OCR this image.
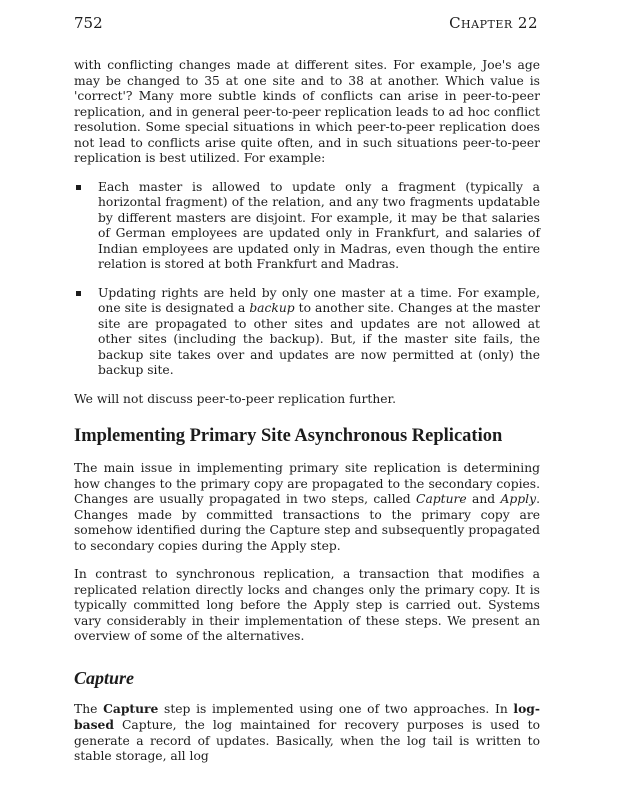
752	Chapter 22

with conflicting changes made at different sites. For example, Joe's age may be changed to 35 at one site and to 38 at another. Which value is 'correct'? Many more subtle kinds of conflicts can arise in peer-to-peer replication, and in general peer-to-peer replication leads to ad hoc conflict resolution. Some special situations in which peer-to-peer replication does not lead to conflicts arise quite often, and in such situations peer-to-peer replication is best utilized. For example:

Each master is allowed to update only a fragment (typically a horizontal fragment) of the relation, and any two fragments updatable by different masters are disjoint. For example, it may be that salaries of German employees are updated only in Frankfurt, and salaries of Indian employees are updated only in Madras, even though the entire relation is stored at both Frankfurt and Madras.
Updating rights are held by only one master at a time. For example, one site is designated a backup to another site. Changes at the master site are propagated to other sites and updates are not allowed at other sites (including the backup). But, if the master site fails, the backup site takes over and updates are now permitted at (only) the backup site.

We will not discuss peer-to-peer replication further.

Implementing Primary Site Asynchronous Replication

The main issue in implementing primary site replication is determining how changes to the primary copy are propagated to the secondary copies. Changes are usually propagated in two steps, called Capture and Apply. Changes made by committed transactions to the primary copy are somehow identified during the Capture step and subsequently propagated to secondary copies during the Apply step.

In contrast to synchronous replication, a transaction that modifies a replicated relation directly locks and changes only the primary copy. It is typically committed long before the Apply step is carried out. Systems vary considerably in their implementation of these steps. We present an overview of some of the alternatives.

Capture

The Capture step is implemented using one of two approaches. In log-based Capture, the log maintained for recovery purposes is used to generate a record of updates. Basically, when the log tail is written to stable storage, all log
